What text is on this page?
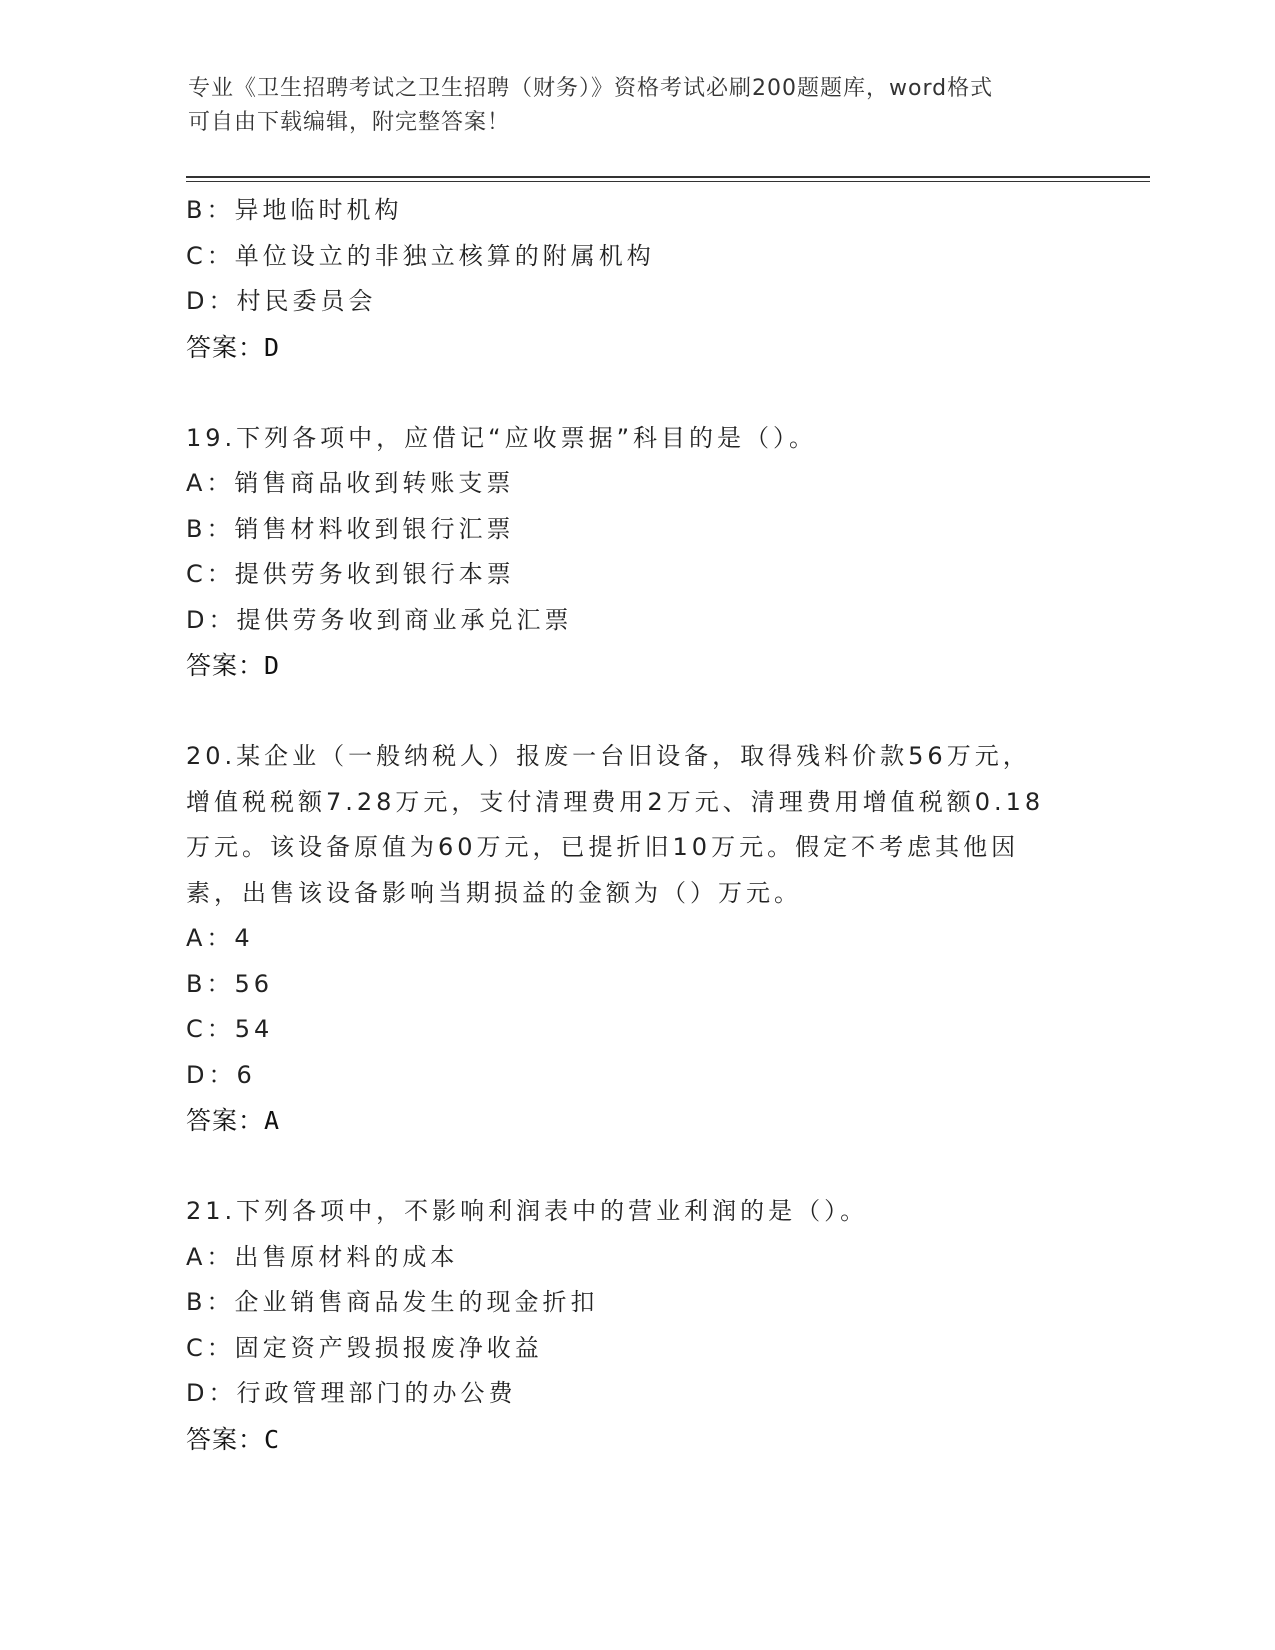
专业《卫生招聘考试之卫生招聘（财务）》资格考试必刷200题题库，word格式
可自由下载编辑，附完整答案！
B：异地临时机构
C：单位设立的非独立核算的附属机构
D：村民委员会
答案：D
19.下列各项中，应借记“应收票据”科目的是（）。
A：销售商品收到转账支票
B：销售材料收到银行汇票
C：提供劳务收到银行本票
D：提供劳务收到商业承兑汇票
答案：D
20.某企业（一般纳税人）报废一台旧设备，取得残料价款56万元，
增值税税额7.28万元，支付清理费用2万元、清理费用增值税额0.18
万元。该设备原值为60万元，已提折旧10万元。假定不考虑其他因
素，出售该设备影响当期损益的金额为（）万元。
A：4
B：56
C：54
D：6
答案：A
21.下列各项中，不影响利润表中的营业利润的是（）。
A：出售原材料的成本
B：企业销售商品发生的现金折扣
C：固定资产毁损报废净收益
D：行政管理部门的办公费
答案：C
